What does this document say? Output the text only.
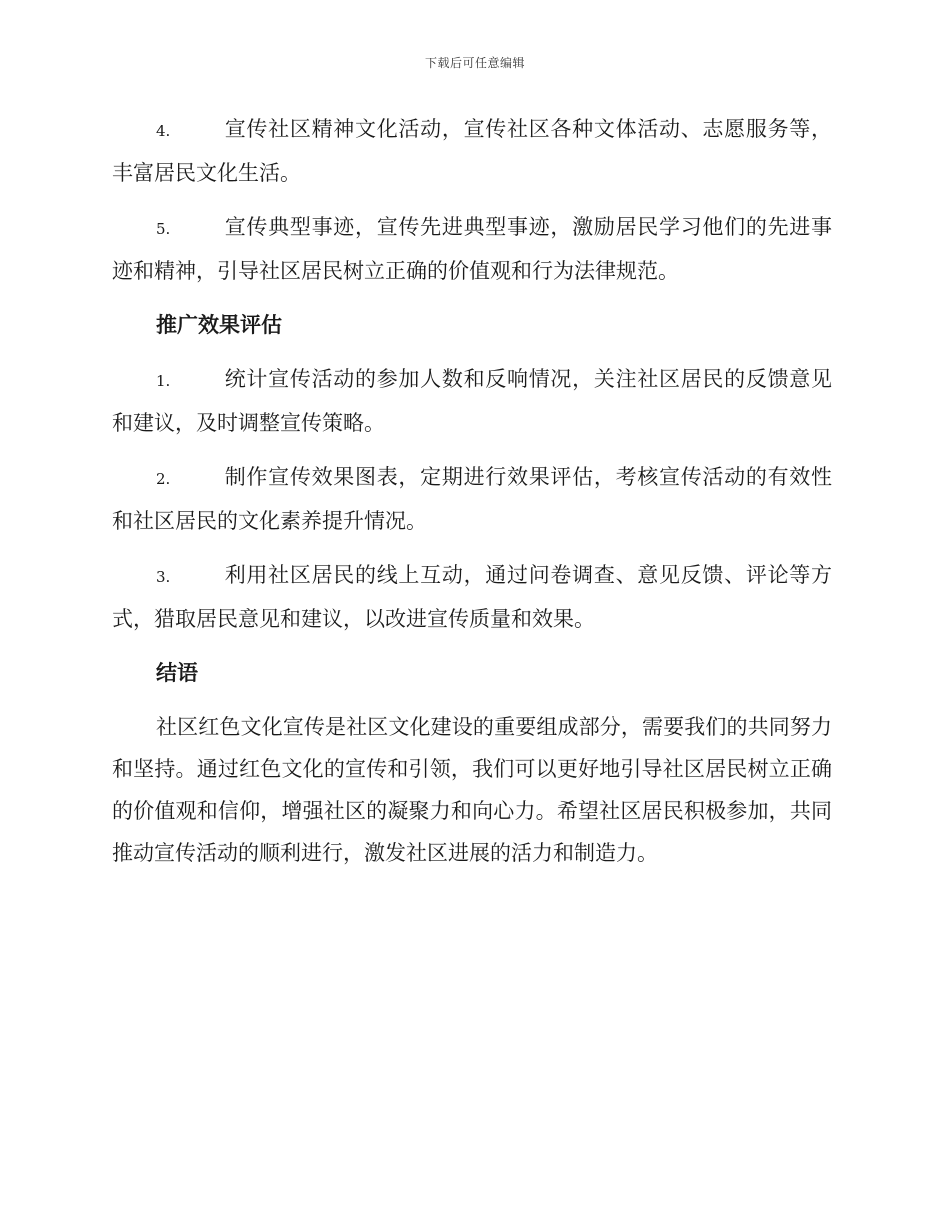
下载后可任意编辑

4.	宣传社区精神文化活动，宣传社区各种文体活动、志愿服务等，丰富居民文化生活。

5.	宣传典型事迹，宣传先进典型事迹，激励居民学习他们的先进事迹和精神，引导社区居民树立正确的价值观和行为法律规范。

推广效果评估

1.	统计宣传活动的参加人数和反响情况，关注社区居民的反馈意见和建议，及时调整宣传策略。

2.	制作宣传效果图表，定期进行效果评估，考核宣传活动的有效性和社区居民的文化素养提升情况。

3.	利用社区居民的线上互动，通过问卷调查、意见反馈、评论等方式，猎取居民意见和建议，以改进宣传质量和效果。

结语

社区红色文化宣传是社区文化建设的重要组成部分，需要我们的共同努力和坚持。通过红色文化的宣传和引领，我们可以更好地引导社区居民树立正确的价值观和信仰，增强社区的凝聚力和向心力。希望社区居民积极参加，共同推动宣传活动的顺利进行，激发社区进展的活力和制造力。
